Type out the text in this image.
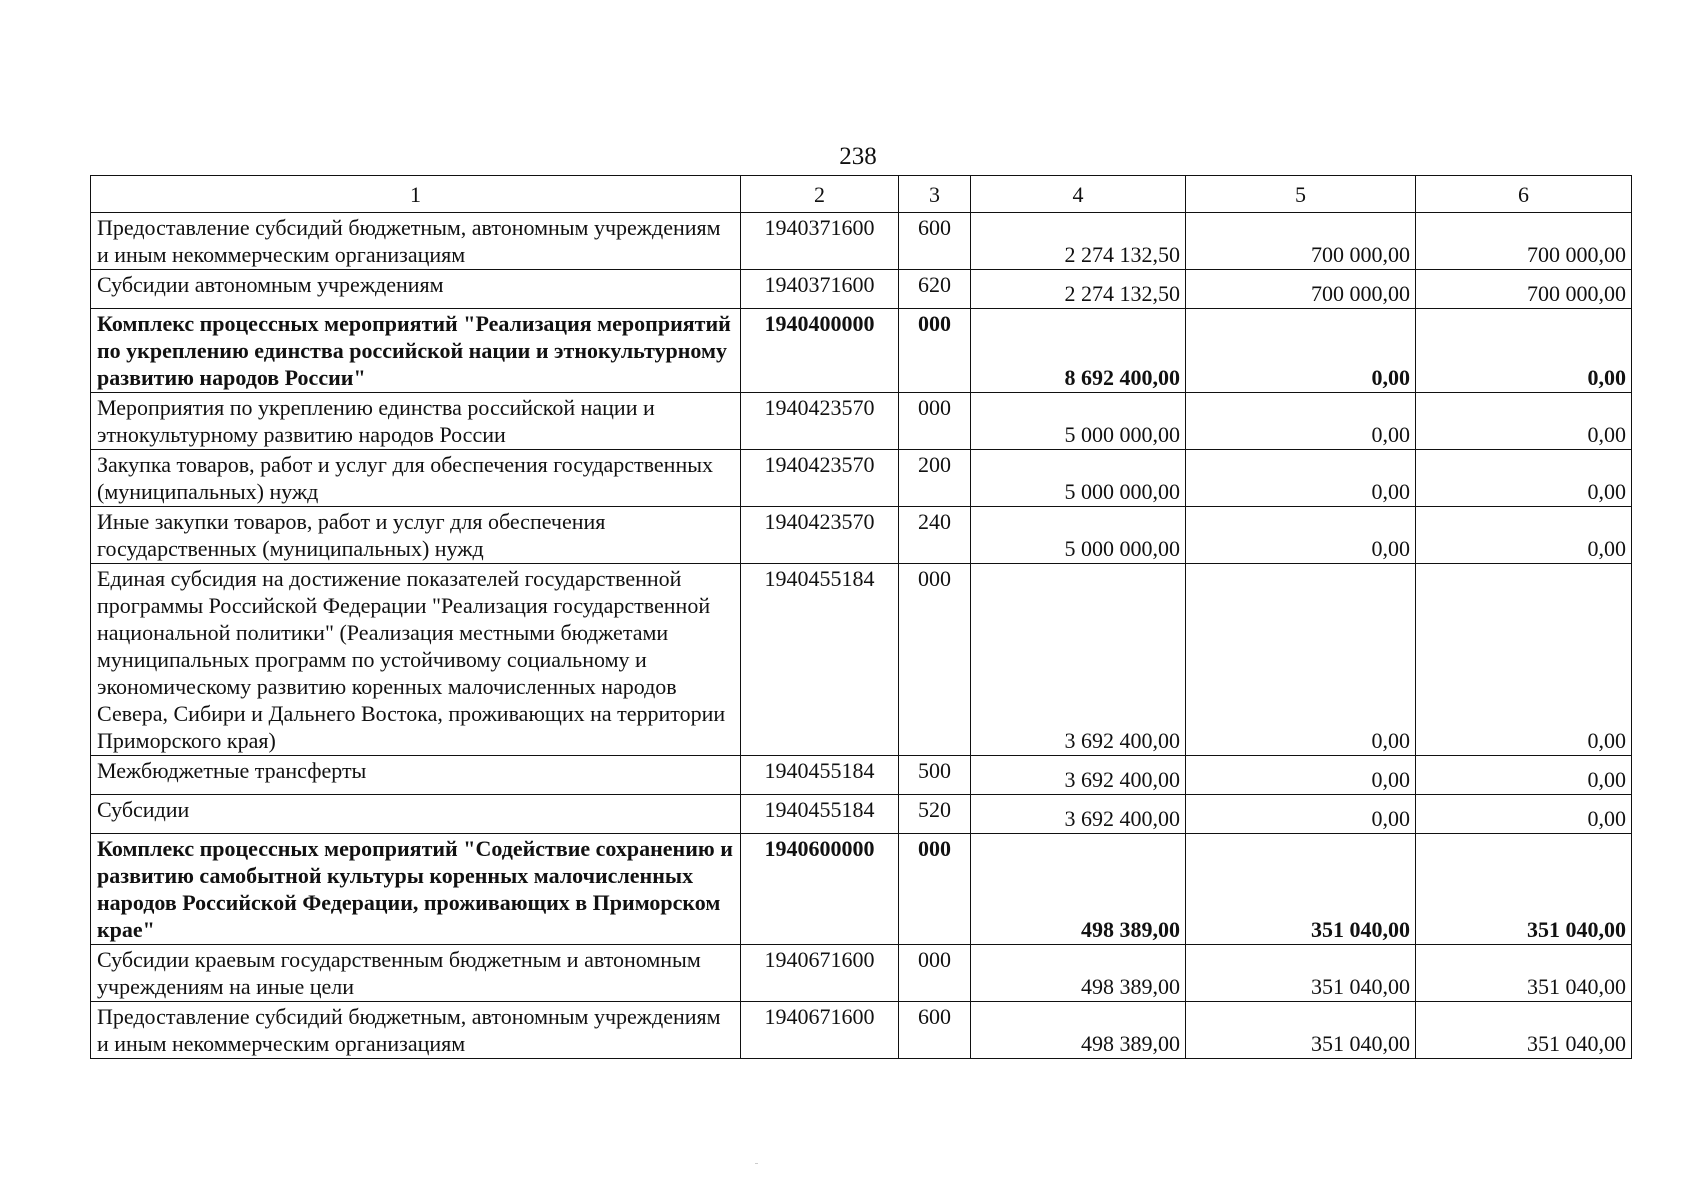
238
1	2	3	4	5	6
Предоставление субсидий бюджетным, автономным учреждениям и иным некоммерческим организациям	1940371600	600	2 274 132,50	700 000,00	700 000,00
Субсидии автономным учреждениям	1940371600	620	2 274 132,50	700 000,00	700 000,00
Комплекс процессных мероприятий "Реализация мероприятий по укреплению единства российской нации и этнокультурному развитию народов России"	1940400000	000	8 692 400,00	0,00	0,00
Мероприятия по укреплению единства российской нации и этнокультурному развитию народов России	1940423570	000	5 000 000,00	0,00	0,00
Закупка товаров, работ и услуг для обеспечения государственных (муниципальных) нужд	1940423570	200	5 000 000,00	0,00	0,00
Иные закупки товаров, работ и услуг для обеспечения государственных (муниципальных) нужд	1940423570	240	5 000 000,00	0,00	0,00
Единая субсидия на достижение показателей государственной программы Российской Федерации "Реализация государственной национальной политики" (Реализация местными бюджетами муниципальных программ по устойчивому социальному и экономическому развитию коренных малочисленных народов Севера, Сибири и Дальнего Востока, проживающих на территории Приморского края)	1940455184	000	3 692 400,00	0,00	0,00
Межбюджетные трансферты	1940455184	500	3 692 400,00	0,00	0,00
Субсидии	1940455184	520	3 692 400,00	0,00	0,00
Комплекс процессных мероприятий "Содействие сохранению и развитию самобытной культуры коренных малочисленных народов Российской Федерации, проживающих в Приморском крае"	1940600000	000	498 389,00	351 040,00	351 040,00
Субсидии краевым государственным бюджетным и автономным учреждениям на иные цели	1940671600	000	498 389,00	351 040,00	351 040,00
Предоставление субсидий бюджетным, автономным учреждениям и иным некоммерческим организациям	1940671600	600	498 389,00	351 040,00	351 040,00
